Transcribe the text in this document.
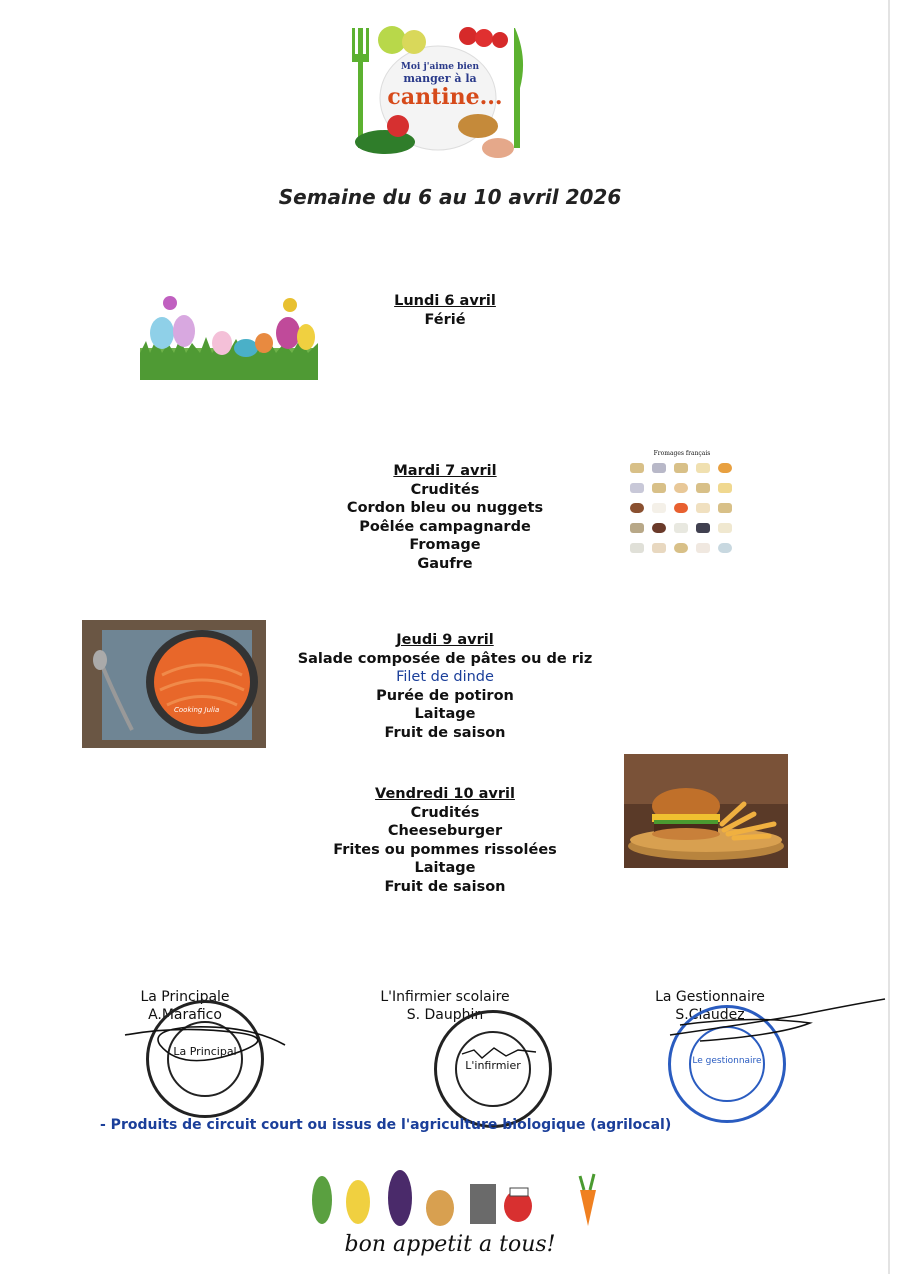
Moi j'aime bien
manger à la
cantine...
Semaine du 6 au 10 avril 2026
Lundi 6 avril
Férié
Mardi 7 avril
Crudités
Cordon bleu ou nuggets
Poêlée campagnarde
Fromage
Gaufre
Jeudi 9 avril
Salade composée de pâtes ou de riz
Filet de dinde
Purée de potiron
Laitage
Fruit de saison
Vendredi 10 avril
Crudités
Cheeseburger
Frites ou pommes rissolées
Laitage
Fruit de saison
Fromages français
Cooking Julia
La Principale
A.Marafico
La Principal
L'Infirmier scolaire
S. Dauphin
L'infirmier
La Gestionnaire
S.Claudez
Le gestionnaire
- Produits de circuit court ou issus de l'agriculture biologique (agrilocal)
bon appetit a tous!
